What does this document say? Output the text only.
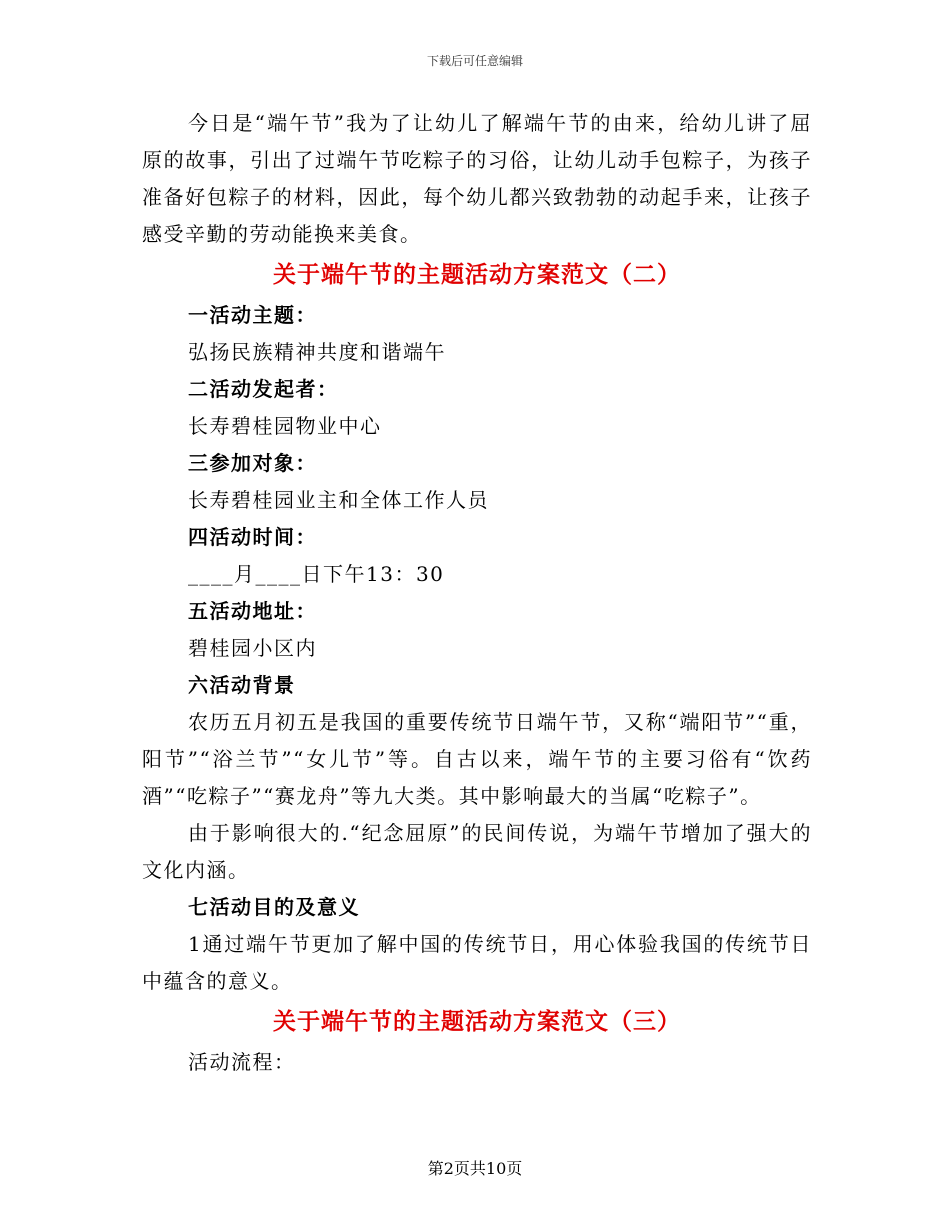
下载后可任意编辑

今日是“端午节”我为了让幼儿了解端午节的由来，给幼儿讲了屈原的故事，引出了过端午节吃粽子的习俗，让幼儿动手包粽子，为孩子准备好包粽子的材料，因此，每个幼儿都兴致勃勃的动起手来，让孩子感受辛勤的劳动能换来美食。

关于端午节的主题活动方案范文（二）

一活动主题：

弘扬民族精神共度和谐端午

二活动发起者：

长寿碧桂园物业中心

三参加对象：

长寿碧桂园业主和全体工作人员

四活动时间：

____月____日下午13：30

五活动地址：

碧桂园小区内

六活动背景

农历五月初五是我国的重要传统节日端午节，又称“端阳节”“重，阳节”“浴兰节”“女儿节”等。自古以来，端午节的主要习俗有“饮药酒”“吃粽子”“赛龙舟”等九大类。其中影响最大的当属“吃粽子”。

由于影响很大的.“纪念屈原”的民间传说，为端午节增加了强大的文化内涵。

七活动目的及意义

1通过端午节更加了解中国的传统节日，用心体验我国的传统节日中蕴含的意义。

关于端午节的主题活动方案范文（三）

活动流程：

第2页共10页
